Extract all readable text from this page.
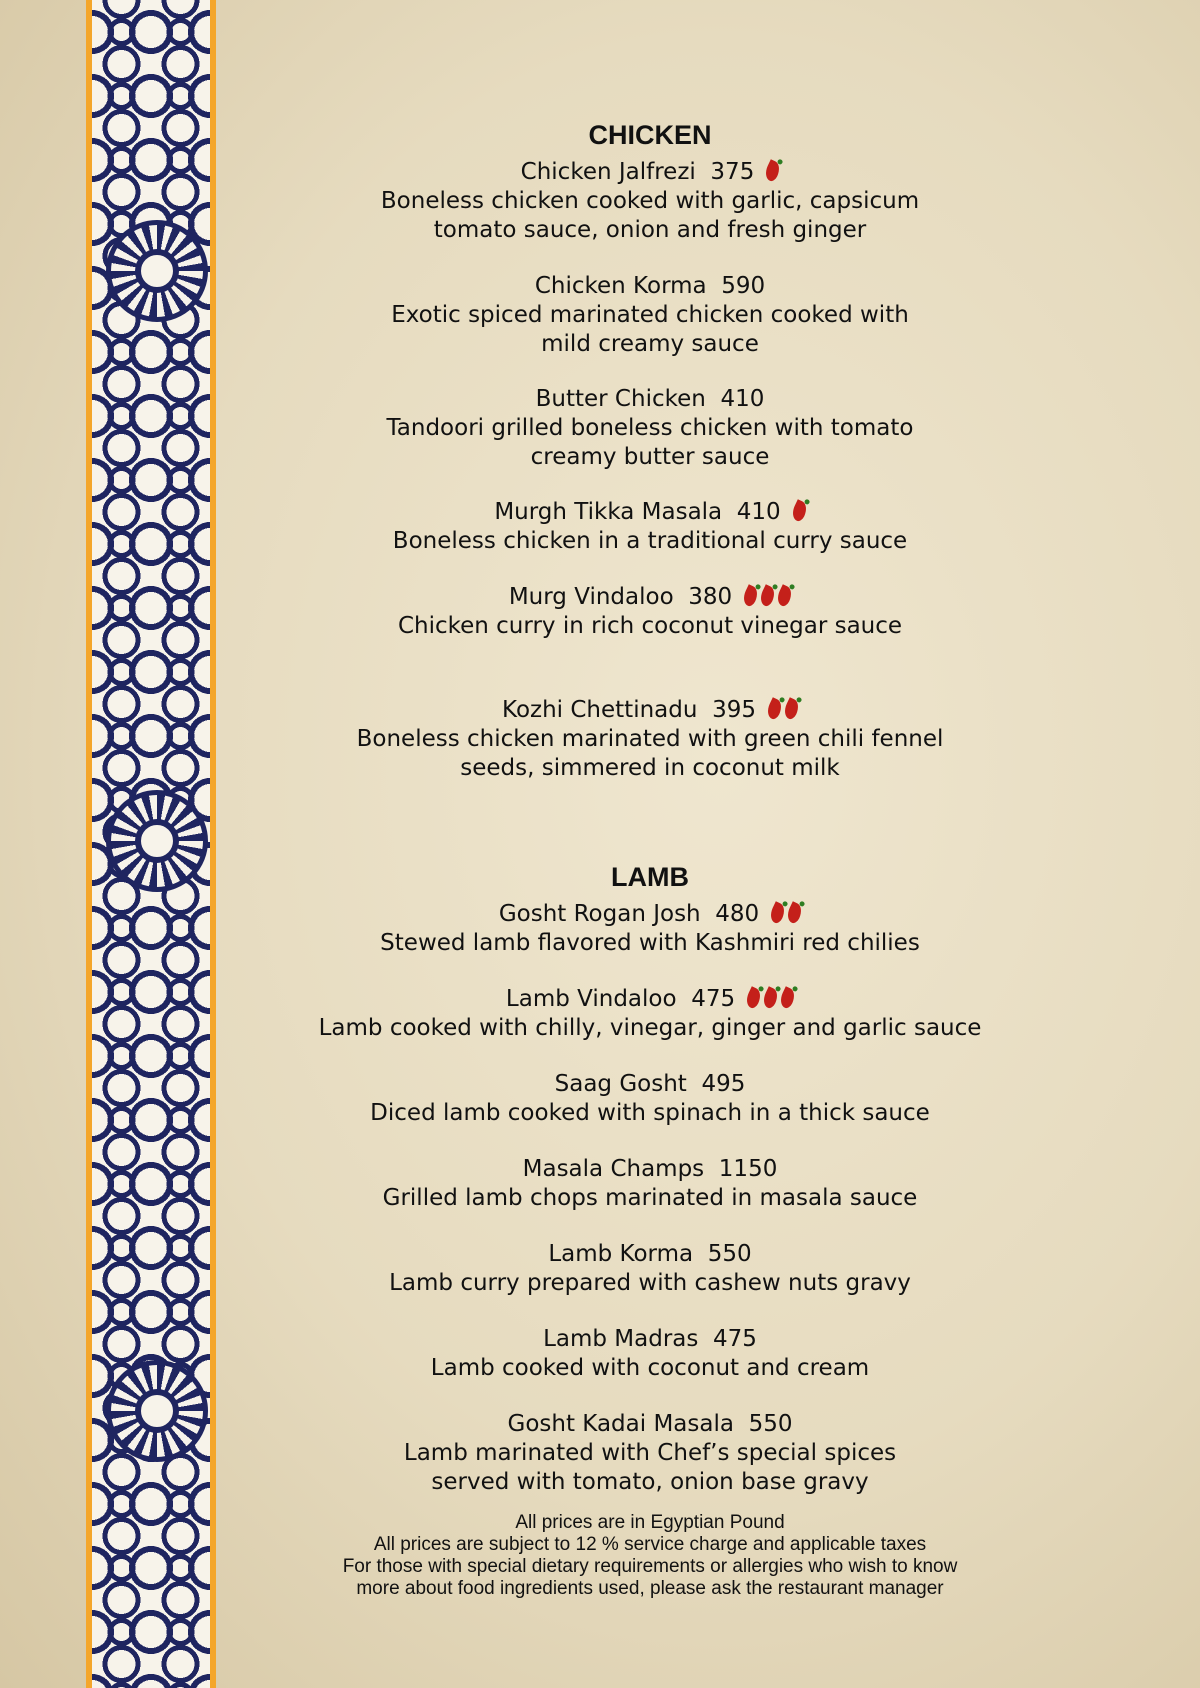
CHICKEN
Chicken Jalfrezi 375
Boneless chicken cooked with garlic, capsicum
tomato sauce, onion and fresh ginger
Chicken Korma 590
Exotic spiced marinated chicken cooked with
mild creamy sauce
Butter Chicken 410
Tandoori grilled boneless chicken with tomato
creamy butter sauce
Murgh Tikka Masala 410
Boneless chicken in a traditional curry sauce
Murg Vindaloo 380
Chicken curry in rich coconut vinegar sauce
Kozhi Chettinadu 395
Boneless chicken marinated with green chili fennel
seeds, simmered in coconut milk
LAMB
Gosht Rogan Josh 480
Stewed lamb flavored with Kashmiri red chilies
Lamb Vindaloo 475
Lamb cooked with chilly, vinegar, ginger and garlic sauce
Saag Gosht 495
Diced lamb cooked with spinach in a thick sauce
Masala Champs 1150
Grilled lamb chops marinated in masala sauce
Lamb Korma 550
Lamb curry prepared with cashew nuts gravy
Lamb Madras 475
Lamb cooked with coconut and cream
Gosht Kadai Masala 550
Lamb marinated with Chef’s special spices
served with tomato, onion base gravy
All prices are in Egyptian Pound
All prices are subject to 12 % service charge and applicable taxes
For those with special dietary requirements or allergies who wish to know
more about food ingredients used, please ask the restaurant manager
